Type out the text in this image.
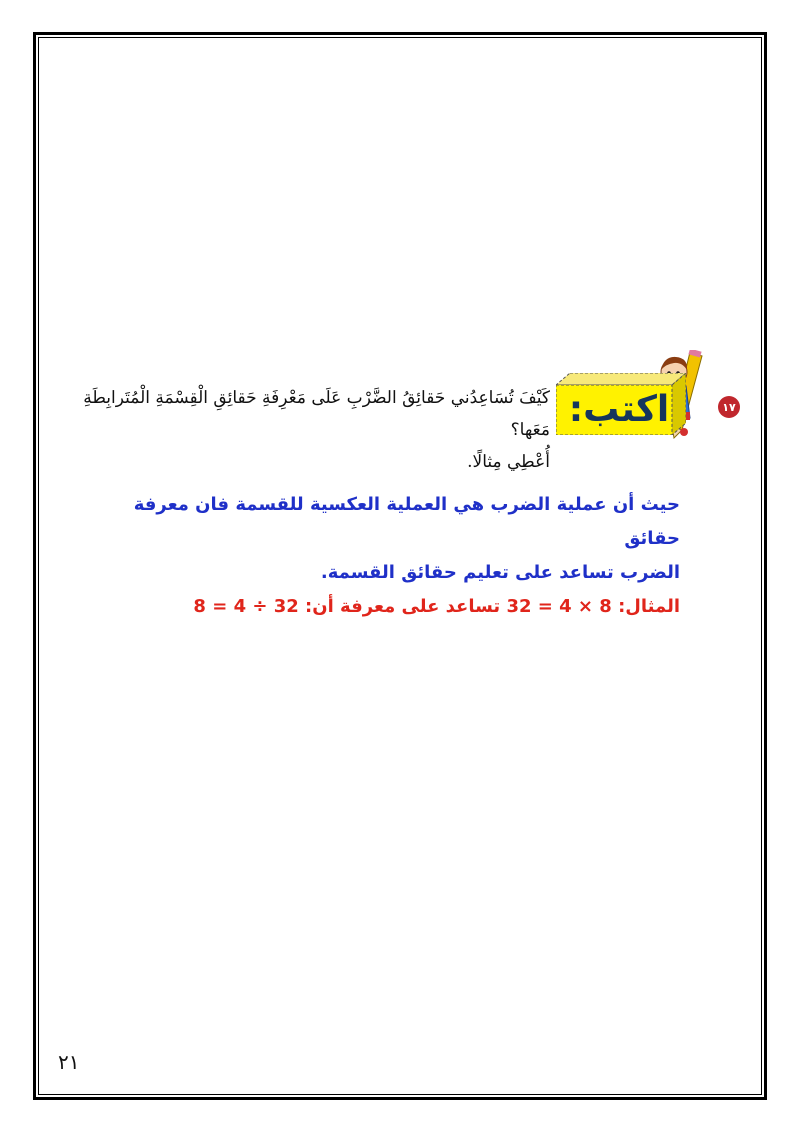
١٧
اكتب:
كَيْفَ تُسَاعِدُني حَقائِقُ الضَّرْبِ عَلَى مَعْرِفَةِ حَقائِقِ الْقِسْمَةِ الْمُتَرابِطَةِ مَعَها؟
أُعْطِي مِثالًا.
حيث أن عملية الضرب هي العملية العكسية للقسمة فان معرفة حقائق
الضرب تساعد على تعليم حقائق القسمة.
المثال: 8 × 4 = 32 تساعد على معرفة أن: 32 ÷ 4 = 8
٢١
